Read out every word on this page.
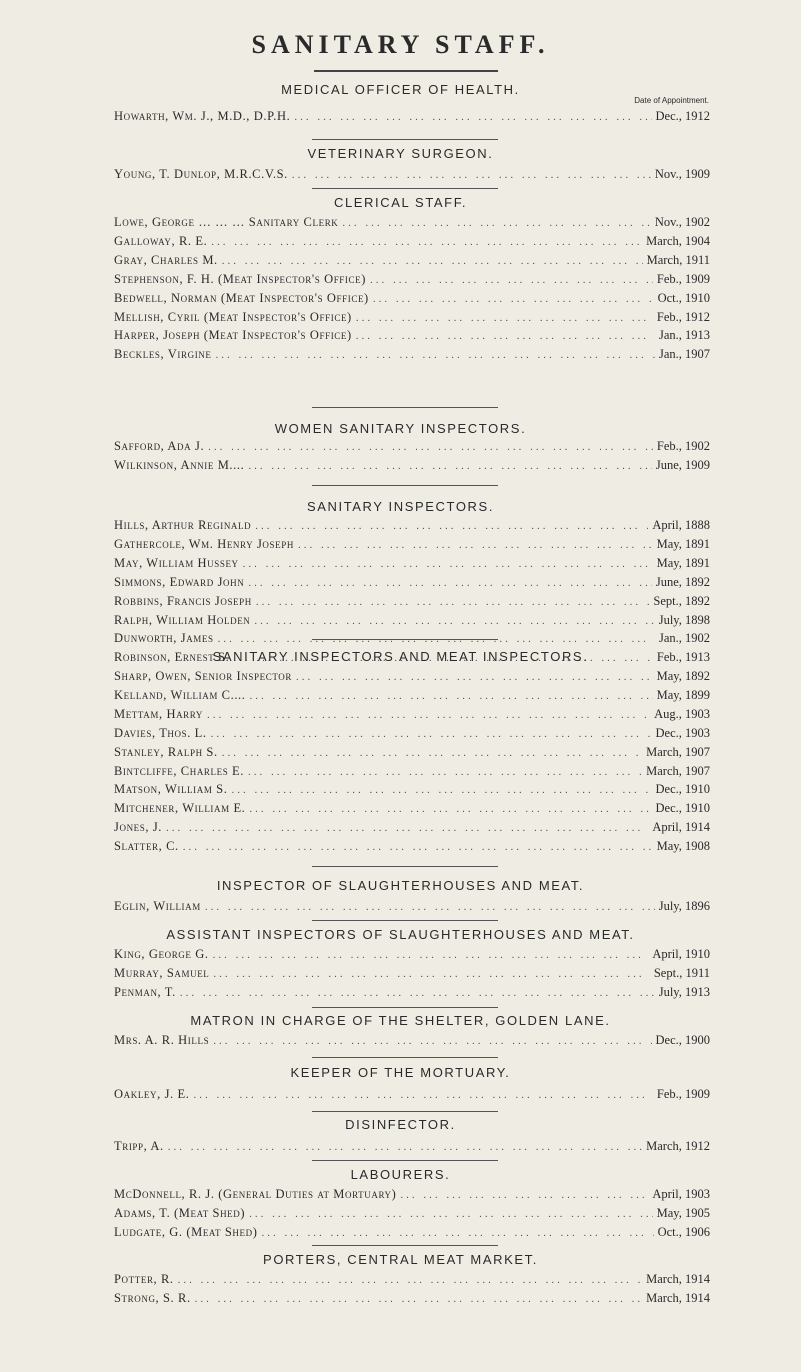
SANITARY STAFF.
MEDICAL OFFICER OF HEALTH.
Date of Appointment.
Howarth, Wm. J., M.D., D.P.H. ... .	Dec., 1912
VETERINARY SURGEON.
Young, T. Dunlop, M.R.C.V.S. ... .	Nov., 1909
CLERICAL STAFF.
Lowe, George … … … Sanitary Clerk ... .	Nov., 1902
Galloway, R. E. ... .	March, 1904
Gray, Charles M. ... .	March, 1911
Stephenson, F. H. (Meat Inspector's Office) ... .	Feb., 1909
Bedwell, Norman (Meat Inspector's Office) ... .	Oct., 1910
Mellish, Cyril (Meat Inspector's Office) ... .	Feb., 1912
Harper, Joseph (Meat Inspector's Office) ... .	Jan., 1913
Beckles, Virgine ... .	Jan., 1907
WOMEN SANITARY INSPECTORS.
Safford, Ada J. ... .	Feb., 1902
Wilkinson, Annie M.... ... .	June, 1909
SANITARY INSPECTORS.
Hills, Arthur Reginald ... .	April, 1888
Gathercole, Wm. Henry Joseph ... .	May, 1891
May, William Hussey ... .	May, 1891
Simmons, Edward John ... .	June, 1892
Robbins, Francis Joseph ... .	Sept., 1892
Ralph, William Holden ... .	July, 1898
Dunworth, James ... .	Jan., 1902
Robinson, Ernest S. ... .	Feb., 1913
SANITARY INSPECTORS AND MEAT INSPECTORS.
Sharp, Owen, Senior Inspector ... .	May, 1892
Kelland, William C.... ... .	May, 1899
Mettam, Harry ... .	Aug., 1903
Davies, Thos. L. ... .	Dec., 1903
Stanley, Ralph S. ... .	March, 1907
Bintcliffe, Charles E. ... .	March, 1907
Matson, William S. ... .	Dec., 1910
Mitchener, William E. ... .	Dec., 1910
Jones, J. ... .	April, 1914
Slatter, C. ... .	May, 1908
INSPECTOR OF SLAUGHTERHOUSES AND MEAT.
Eglin, William ... .	July, 1896
ASSISTANT INSPECTORS OF SLAUGHTERHOUSES AND MEAT.
King, George G. ... .	April, 1910
Murray, Samuel ... .	Sept., 1911
Penman, T. ... .	July, 1913
MATRON IN CHARGE OF THE SHELTER, GOLDEN LANE.
Mrs. A. R. Hills ... .	Dec., 1900
KEEPER OF THE MORTUARY.
Oakley, J. E. ... .	Feb., 1909
DISINFECTOR.
Tripp, A. ... .	March, 1912
LABOURERS.
McDonnell, R. J. (General Duties at Mortuary) ... .	April, 1903
Adams, T. (Meat Shed) ... .	May, 1905
Ludgate, G. (Meat Shed) ... .	Oct., 1906
PORTERS, CENTRAL MEAT MARKET.
Potter, R. ... .	March, 1914
Strong, S. R. ... .	March, 1914
